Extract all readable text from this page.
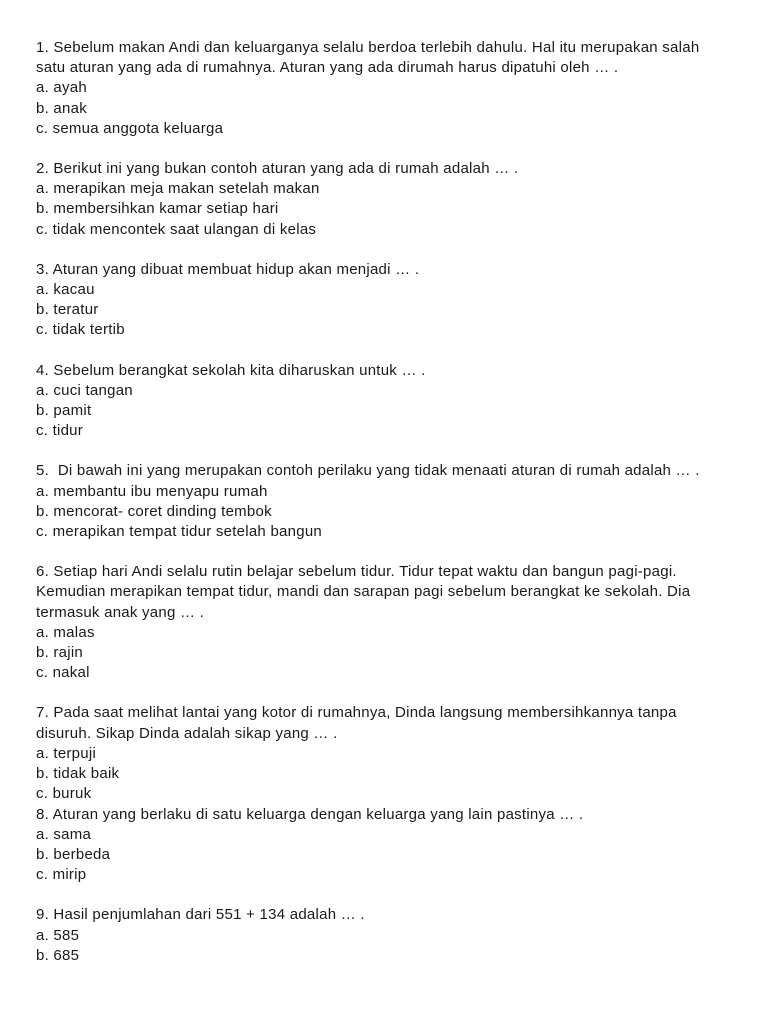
1. Sebelum makan Andi dan keluarganya selalu berdoa terlebih dahulu. Hal itu merupakan salah satu aturan yang ada di rumahnya. Aturan yang ada dirumah harus dipatuhi oleh … .
a. ayah
b. anak
c. semua anggota keluarga
2. Berikut ini yang bukan contoh aturan yang ada di rumah adalah … .
a. merapikan meja makan setelah makan
b. membersihkan kamar setiap hari
c. tidak mencontek saat ulangan di kelas
3. Aturan yang dibuat membuat hidup akan menjadi … .
a. kacau
b. teratur
c. tidak tertib
4. Sebelum berangkat sekolah kita diharuskan untuk … .
a. cuci tangan
b. pamit
c. tidur
5.  Di bawah ini yang merupakan contoh perilaku yang tidak menaati aturan di rumah adalah … .
a. membantu ibu menyapu rumah
b. mencorat- coret dinding tembok
c. merapikan tempat tidur setelah bangun
6. Setiap hari Andi selalu rutin belajar sebelum tidur. Tidur tepat waktu dan bangun pagi-pagi. Kemudian merapikan tempat tidur, mandi dan sarapan pagi sebelum berangkat ke sekolah. Dia termasuk anak yang … .
a. malas
b. rajin
c. nakal
7. Pada saat melihat lantai yang kotor di rumahnya, Dinda langsung membersihkannya tanpa disuruh. Sikap Dinda adalah sikap yang … .
a. terpuji
b. tidak baik
c. buruk
8. Aturan yang berlaku di satu keluarga dengan keluarga yang lain pastinya … .
a. sama
b. berbeda
c. mirip
9. Hasil penjumlahan dari 551 + 134 adalah … .
a. 585
b. 685
